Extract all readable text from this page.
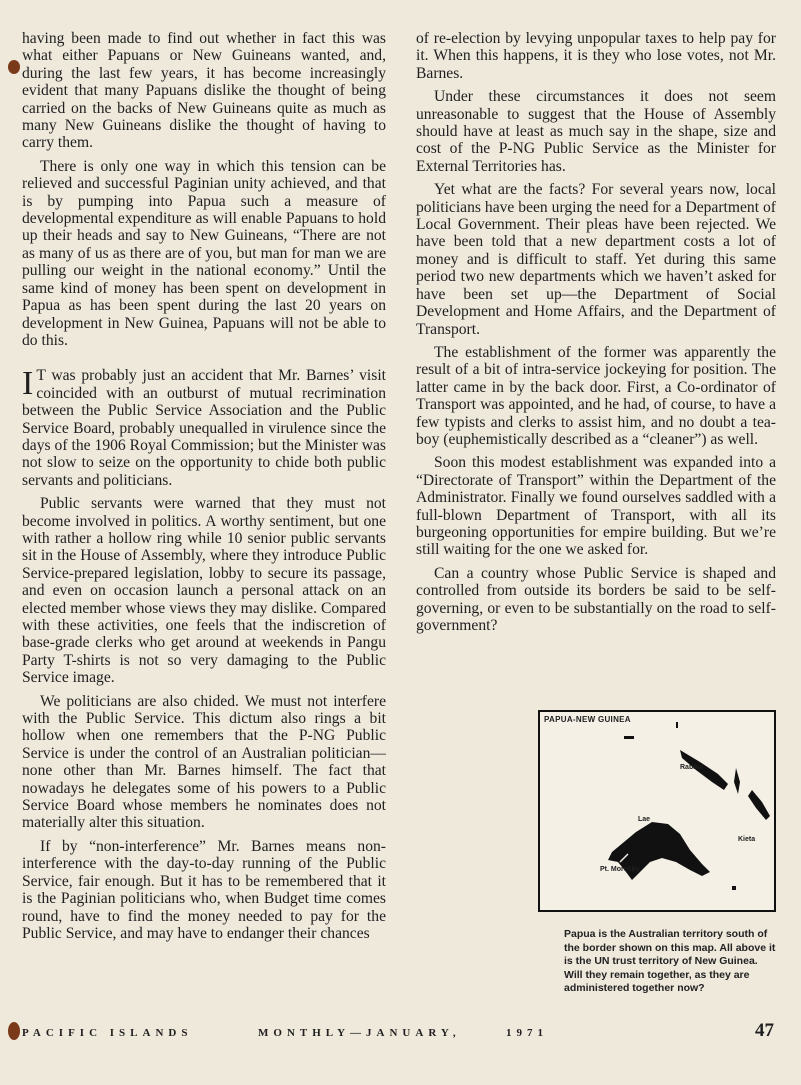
having been made to find out whether in fact this was what either Papuans or New Guineans wanted, and, during the last few years, it has become increasingly evident that many Papuans dislike the thought of being carried on the backs of New Guineans quite as much as many New Guineans dislike the thought of having to carry them.

There is only one way in which this tension can be relieved and successful Paginian unity achieved, and that is by pumping into Papua such a measure of developmental expenditure as will enable Papuans to hold up their heads and say to New Guineans, “There are not as many of us as there are of you, but man for man we are pulling our weight in the national economy.” Until the same kind of money has been spent on development in Papua as has been spent during the last 20 years on development in New Guinea, Papuans will not be able to do this.

I T was probably just an accident that Mr. Barnes’ visit coincided with an outburst of mutual recrimination between the Public Service Association and the Public Service Board, probably unequalled in virulence since the days of the 1906 Royal Commission; but the Minister was not slow to seize on the opportunity to chide both public servants and politicians.

Public servants were warned that they must not become involved in politics. A worthy sentiment, but one with rather a hollow ring while 10 senior public servants sit in the House of Assembly, where they introduce Public Service-prepared legislation, lobby to secure its passage, and even on occasion launch a personal attack on an elected member whose views they may dislike. Compared with these activities, one feels that the indiscretion of base-grade clerks who get around at weekends in Pangu Party T-shirts is not so very damaging to the Public Service image.

We politicians are also chided. We must not interfere with the Public Service. This dictum also rings a bit hollow when one remembers that the P-NG Public Service is under the control of an Australian politician—none other than Mr. Barnes himself. The fact that nowadays he delegates some of his powers to a Public Service Board whose members he nominates does not materially alter this situation.

If by “non-interference” Mr. Barnes means non-interference with the day-to-day running of the Public Service, fair enough. But it has to be remembered that it is the Paginian politicians who, when Budget time comes round, have to find the money needed to pay for the Public Service, and may have to endanger their chances

of re-election by levying unpopular taxes to help pay for it. When this happens, it is they who lose votes, not Mr. Barnes.

Under these circumstances it does not seem unreasonable to suggest that the House of Assembly should have at least as much say in the shape, size and cost of the P-NG Public Service as the Minister for External Territories has.

Yet what are the facts? For several years now, local politicians have been urging the need for a Department of Local Government. Their pleas have been rejected. We have been told that a new department costs a lot of money and is difficult to staff. Yet during this same period two new departments which we haven’t asked for have been set up—the Department of Social Development and Home Affairs, and the Department of Transport.

The establishment of the former was apparently the result of a bit of intra-service jockeying for position. The latter came in by the back door. First, a Co-ordinator of Transport was appointed, and he had, of course, to have a few typists and clerks to assist him, and no doubt a tea-boy (euphemistically described as a “cleaner”) as well.

Soon this modest establishment was expanded into a “Directorate of Transport” within the Department of the Administrator. Finally we found ourselves saddled with a full-blown Department of Transport, with all its burgeoning opportunities for empire building. But we’re still waiting for the one we asked for.

Can a country whose Public Service is shaped and controlled from outside its borders be said to be self-governing, or even to be substantially on the road to self-government?

PAPUA-NEW GUINEA
Rabaul
Kieta
Lae
Pt. Moresby
Papua is the Australian territory south of the border shown on this map. All above it is the UN trust territory of New Guinea. Will they remain together, as they are administered together now?
PACIFIC ISLANDS	MONTHLY—JANUARY,	1971	47
